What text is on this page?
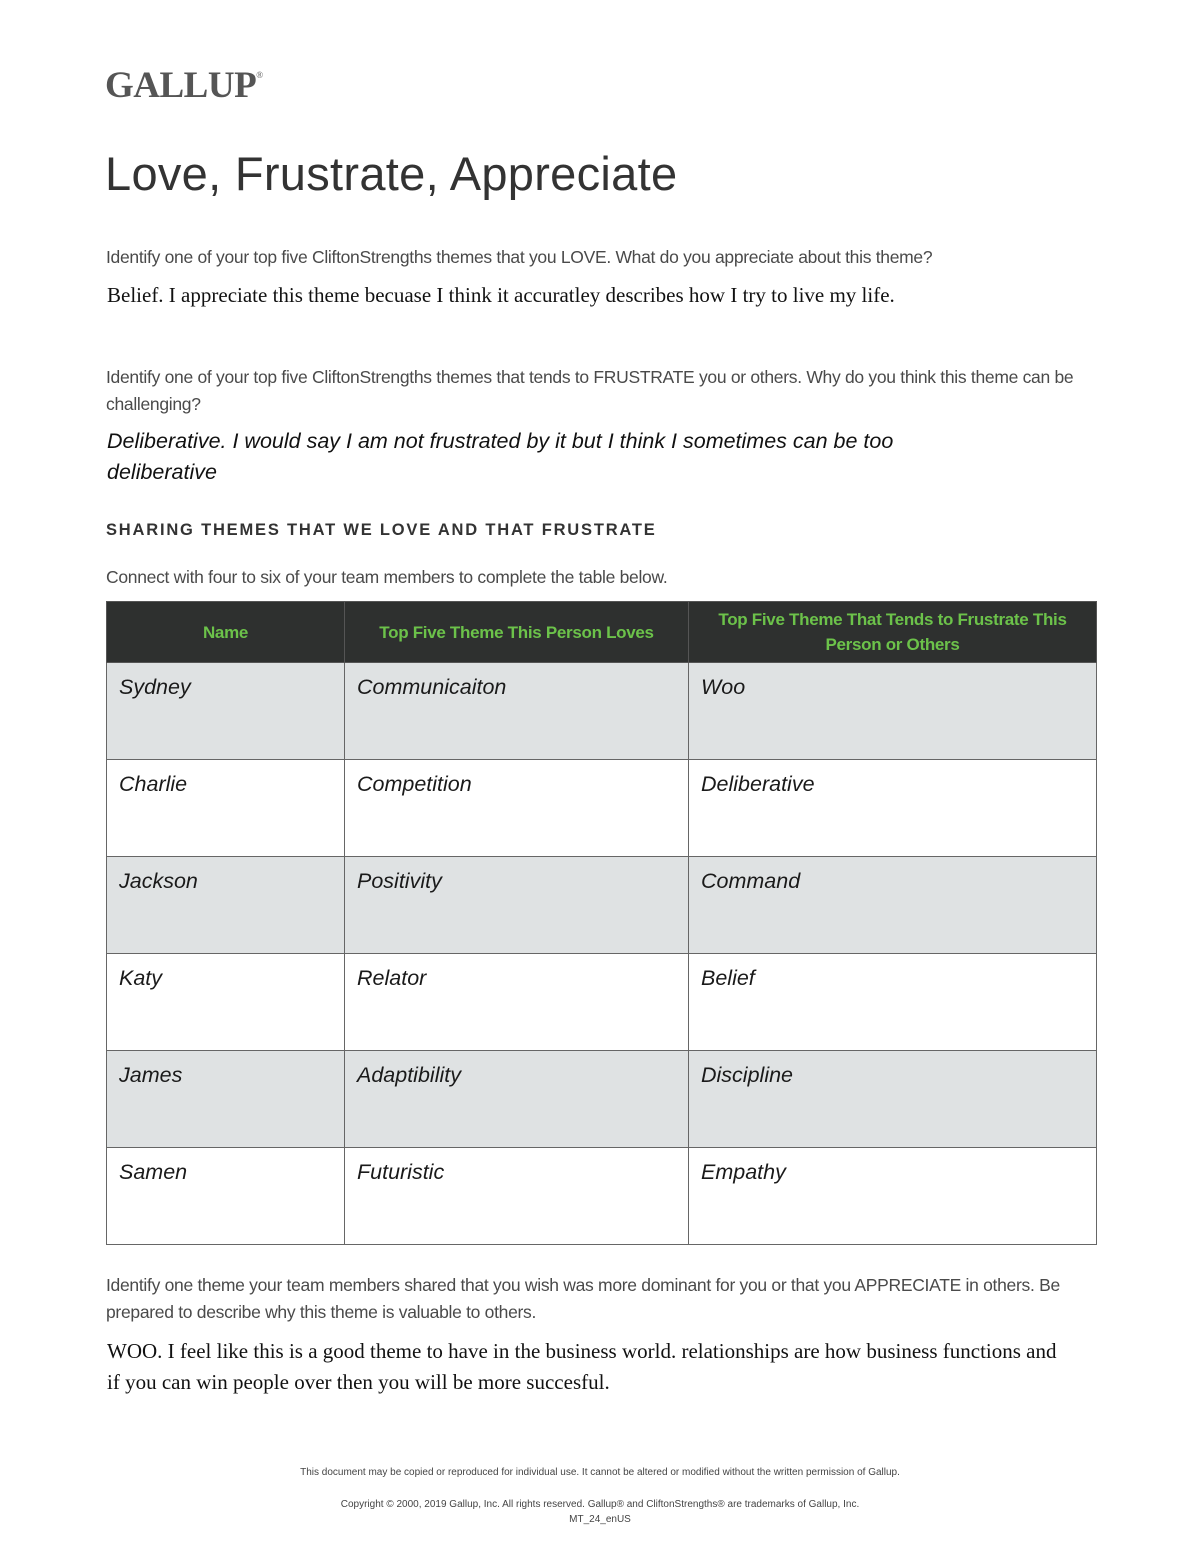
GALLUP®
Love, Frustrate, Appreciate

Identify one of your top five CliftonStrengths themes that you LOVE. What do you appreciate about this theme?

Belief. I appreciate this theme becuase I think it accuratley describes how I try to live my life.

Identify one of your top five CliftonStrengths themes that tends to FRUSTRATE you or others. Why do you think this theme can be challenging?

Deliberative. I would say I am not frustrated by it but I think I sometimes can be too deliberative

SHARING THEMES THAT WE LOVE AND THAT FRUSTRATE

Connect with four to six of your team members to complete the table below.

Name	Top Five Theme This Person Loves	Top Five Theme That Tends to Frustrate This Person or Others
Sydney	Communicaiton	Woo
Charlie	Competition	Deliberative
Jackson	Positivity	Command
Katy	Relator	Belief
James	Adaptibility	Discipline
Samen	Futuristic	Empathy

Identify one theme your team members shared that you wish was more dominant for you or that you APPRECIATE in others. Be prepared to describe why this theme is valuable to others.

WOO. I feel like this is a good theme to have in the business world. relationships are how business functions and if you can win people over then you will be more succesful.

This document may be copied or reproduced for individual use. It cannot be altered or modified without the written permission of Gallup.

Copyright © 2000, 2019 Gallup, Inc. All rights reserved. Gallup® and CliftonStrengths® are trademarks of Gallup, Inc.

MT_24_enUS
